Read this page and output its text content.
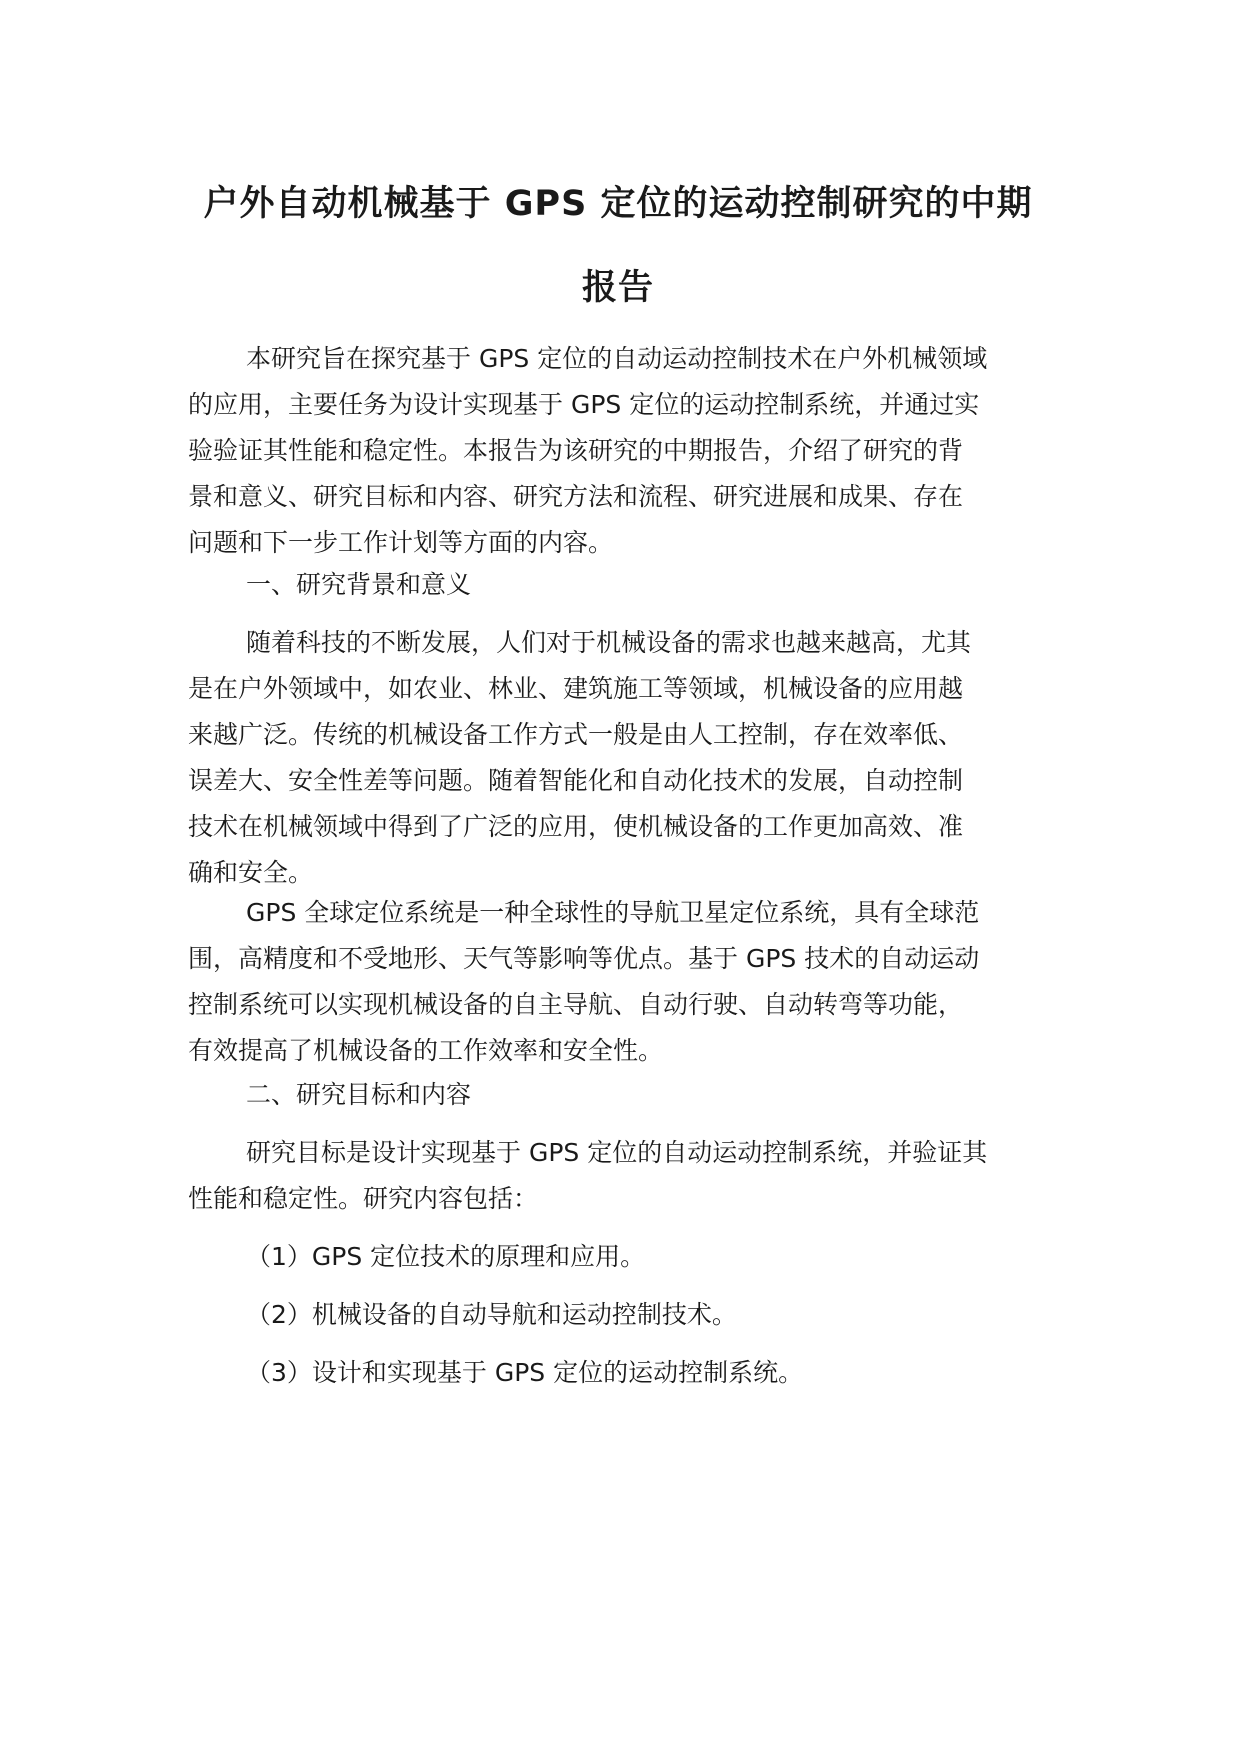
户外自动机械基于 GPS 定位的运动控制研究的中期
报告
本研究旨在探究基于 GPS 定位的自动运动控制技术在户外机械领域
的应用，主要任务为设计实现基于 GPS 定位的运动控制系统，并通过实
验验证其性能和稳定性。本报告为该研究的中期报告，介绍了研究的背
景和意义、研究目标和内容、研究方法和流程、研究进展和成果、存在
问题和下一步工作计划等方面的内容。
一、研究背景和意义
随着科技的不断发展，人们对于机械设备的需求也越来越高，尤其
是在户外领域中，如农业、林业、建筑施工等领域，机械设备的应用越
来越广泛。传统的机械设备工作方式一般是由人工控制，存在效率低、
误差大、安全性差等问题。随着智能化和自动化技术的发展，自动控制
技术在机械领域中得到了广泛的应用，使机械设备的工作更加高效、准
确和安全。
GPS 全球定位系统是一种全球性的导航卫星定位系统，具有全球范
围，高精度和不受地形、天气等影响等优点。基于 GPS 技术的自动运动
控制系统可以实现机械设备的自主导航、自动行驶、自动转弯等功能，
有效提高了机械设备的工作效率和安全性。
二、研究目标和内容
研究目标是设计实现基于 GPS 定位的自动运动控制系统，并验证其
性能和稳定性。研究内容包括：
（1）GPS 定位技术的原理和应用。
（2）机械设备的自动导航和运动控制技术。
（3）设计和实现基于 GPS 定位的运动控制系统。
